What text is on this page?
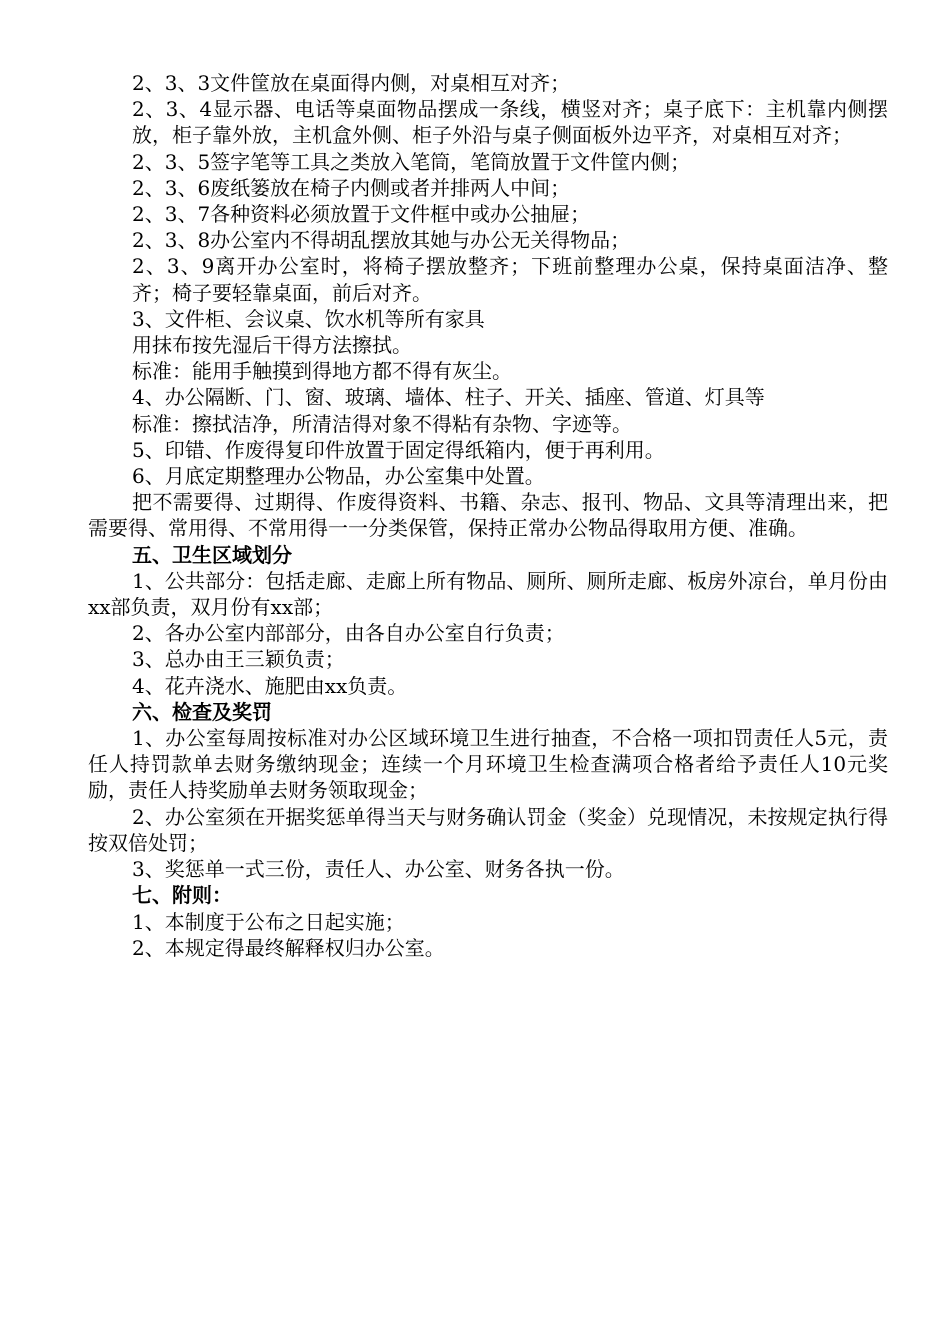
2、3、3文件筐放在桌面得内侧，对桌相互对齐；

2、3、4显示器、电话等桌面物品摆成一条线，横竖对齐；桌子底下：主机靠内侧摆放，柜子靠外放，主机盒外侧、柜子外沿与桌子侧面板外边平齐，对桌相互对齐；

2、3、5签字笔等工具之类放入笔筒，笔筒放置于文件筐内侧；

2、3、6废纸篓放在椅子内侧或者并排两人中间；

2、3、7各种资料必须放置于文件框中或办公抽屉；

2、3、8办公室内不得胡乱摆放其她与办公无关得物品；

2、3、9离开办公室时，将椅子摆放整齐；下班前整理办公桌，保持桌面洁净、整齐；椅子要轻靠桌面，前后对齐。

3、文件柜、会议桌、饮水机等所有家具

用抹布按先湿后干得方法擦拭。

标准：能用手触摸到得地方都不得有灰尘。

4、办公隔断、门、窗、玻璃、墙体、柱子、开关、插座、管道、灯具等

标准：擦拭洁净，所清洁得对象不得粘有杂物、字迹等。

5、印错、作废得复印件放置于固定得纸箱内，便于再利用。

6、月底定期整理办公物品，办公室集中处置。

把不需要得、过期得、作废得资料、书籍、杂志、报刊、物品、文具等清理出来，把需要得、常用得、不常用得一一分类保管，保持正常办公物品得取用方便、准确。

五、卫生区域划分

1、公共部分：包括走廊、走廊上所有物品、厕所、厕所走廊、板房外凉台，单月份由xx部负责，双月份有xx部；

2、各办公室内部部分，由各自办公室自行负责；

3、总办由王三颖负责；

4、花卉浇水、施肥由xx负责。

六、检查及奖罚

1、办公室每周按标准对办公区域环境卫生进行抽查，不合格一项扣罚责任人5元，责任人持罚款单去财务缴纳现金；连续一个月环境卫生检查满项合格者给予责任人10元奖励，责任人持奖励单去财务领取现金；

2、办公室须在开据奖惩单得当天与财务确认罚金（奖金）兑现情况，未按规定执行得按双倍处罚；

3、奖惩单一式三份，责任人、办公室、财务各执一份。

七、附则：

1、本制度于公布之日起实施；

2、本规定得最终解释权归办公室。
